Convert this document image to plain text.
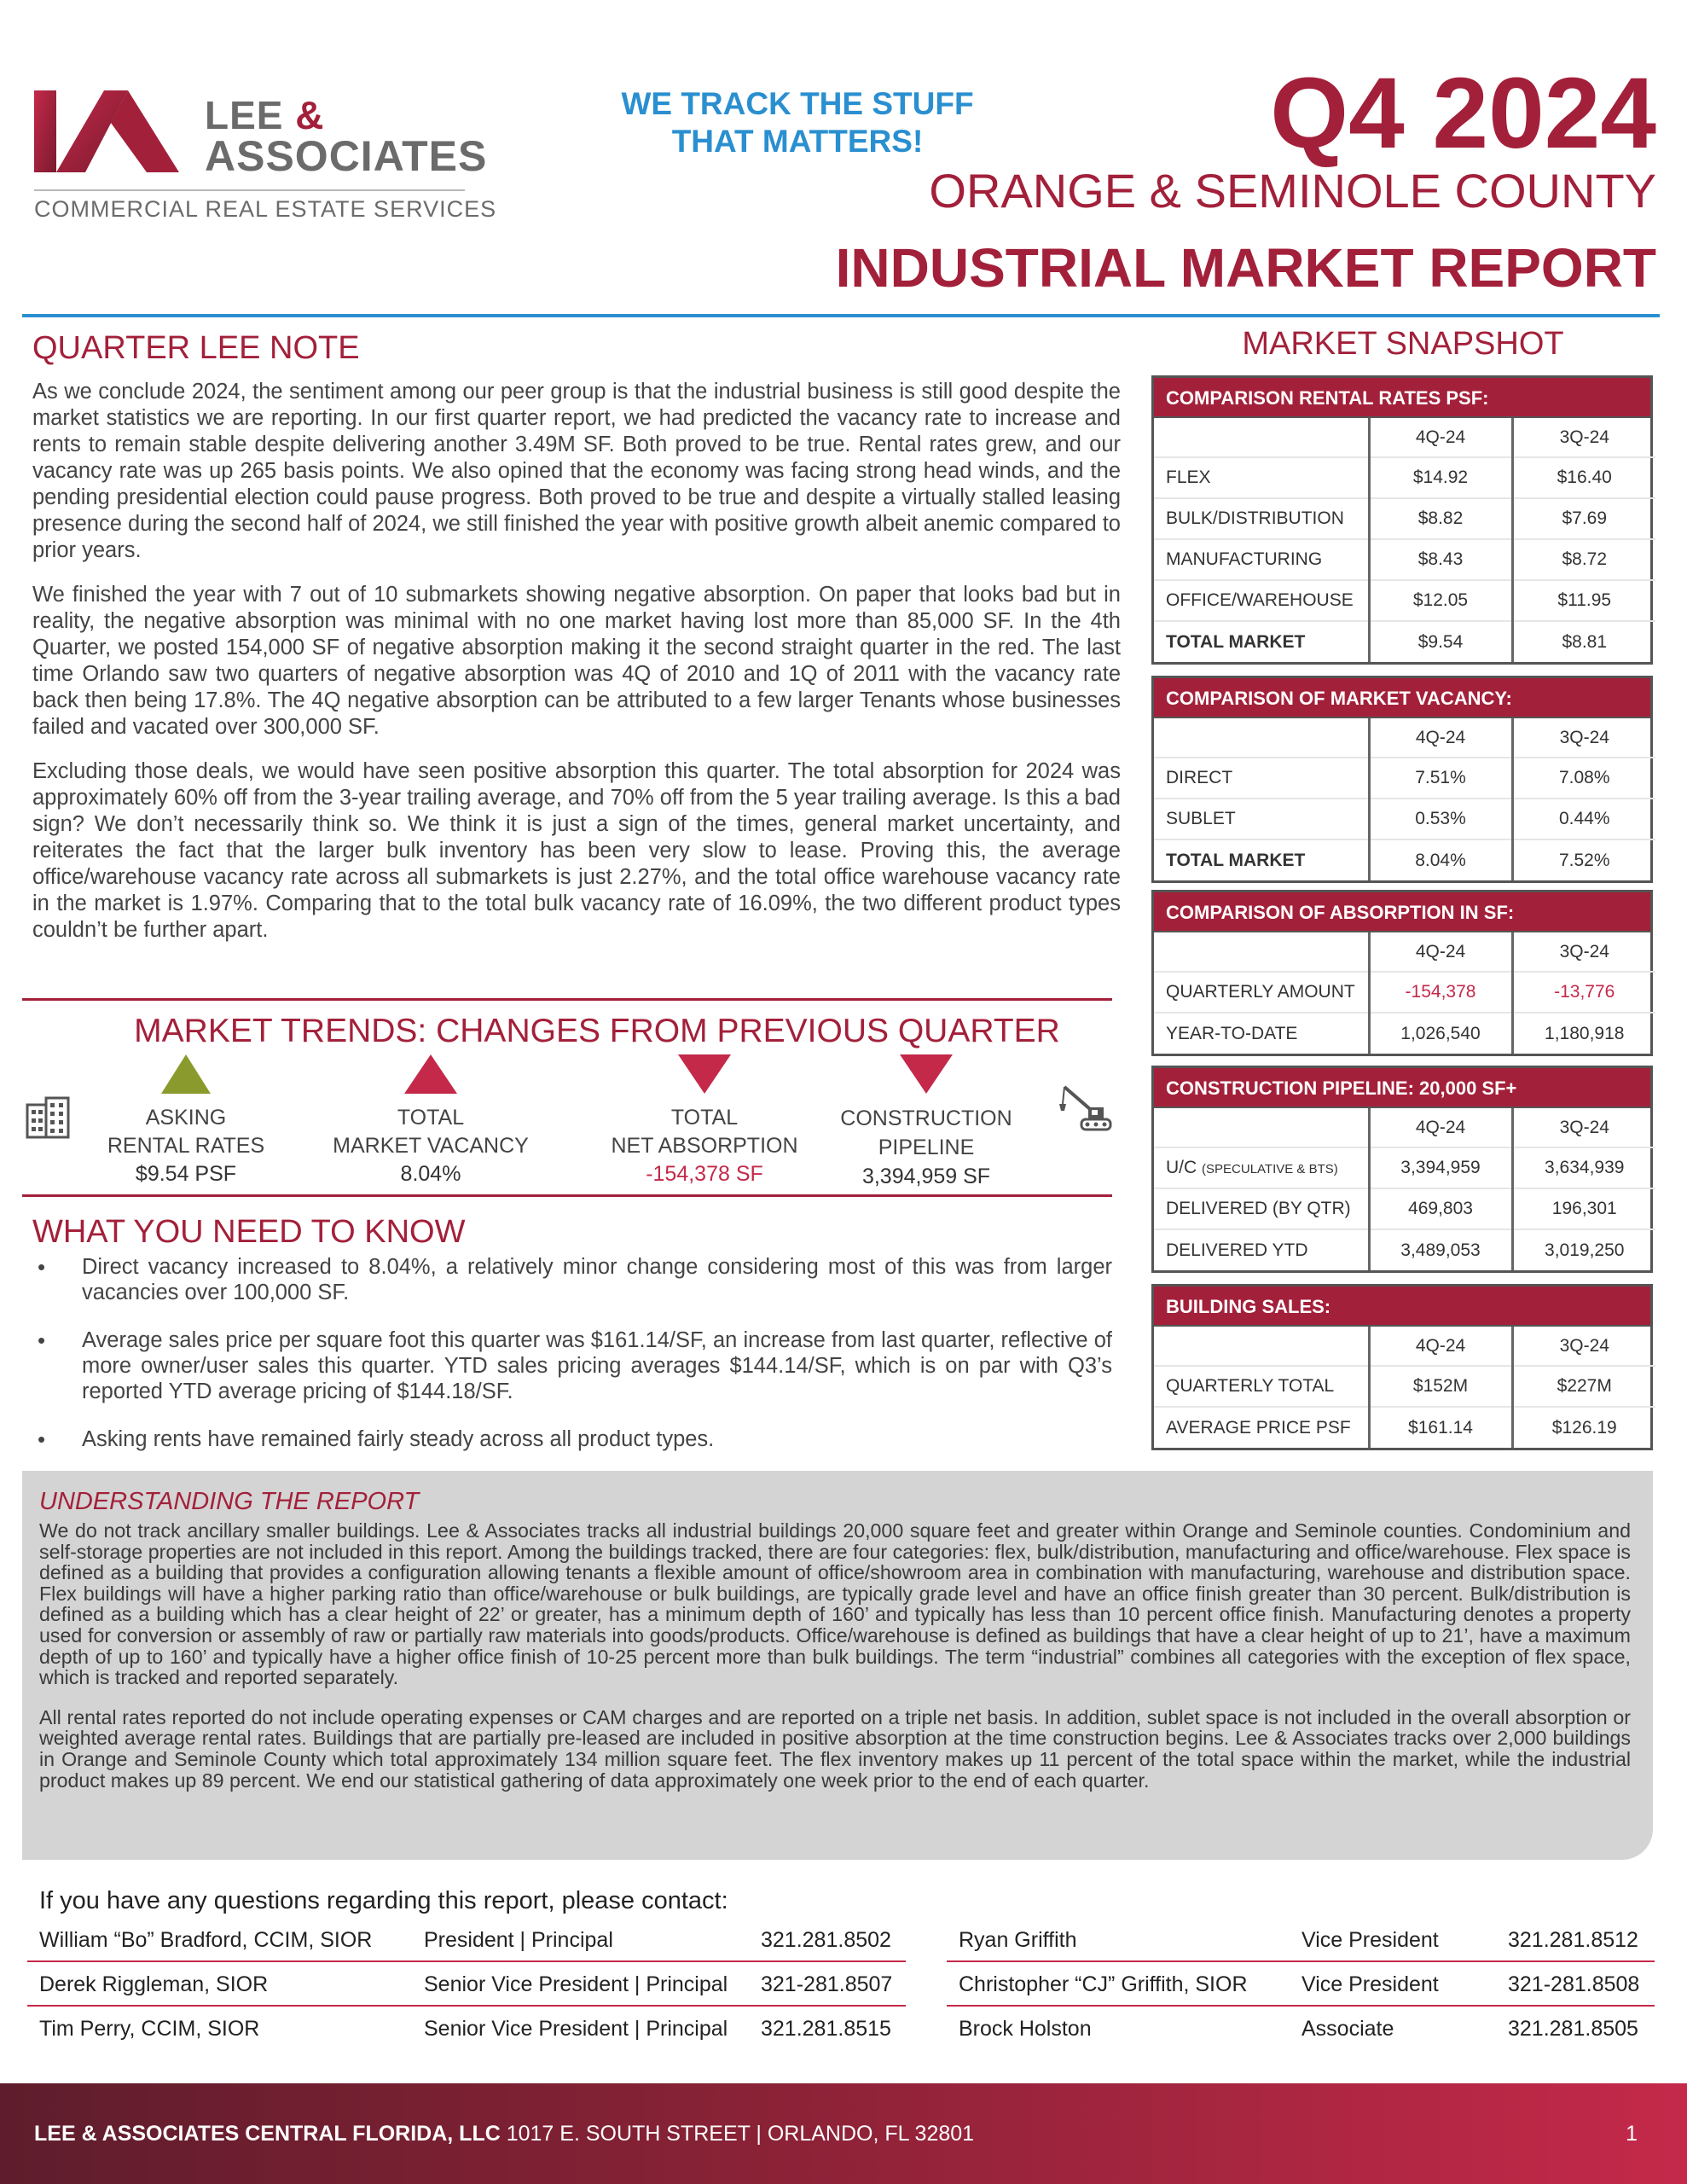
LEE &
ASSOCIATES
COMMERCIAL REAL ESTATE SERVICES
WE TRACK THE STUFF
THAT MATTERS!	Q4 2024
ORANGE & SEMINOLE COUNTY
INDUSTRIAL MARKET REPORT
QUARTER LEE NOTE

As we conclude 2024, the sentiment among our peer group is that the industrial business is still good despite the market statistics we are reporting. In our first quarter report, we had predicted the vacancy rate to increase and rents to remain stable despite delivering another 3.49M SF. Both proved to be true. Rental rates grew, and our vacancy rate was up 265 basis points. We also opined that the economy was facing strong head winds, and the pending presidential election could pause progress. Both proved to be true and despite a virtually stalled leasing presence during the second half of 2024, we still finished the year with positive growth albeit anemic compared to prior years.

We finished the year with 7 out of 10 submarkets showing negative absorption. On paper that looks bad but in reality, the negative absorption was minimal with no one market having lost more than 85,000 SF. In the 4th Quarter, we posted 154,000 SF of negative absorption making it the second straight quarter in the red. The last time Orlando saw two quarters of negative absorption was 4Q of 2010 and 1Q of 2011 with the vacancy rate back then being 17.8%. The 4Q negative absorption can be attributed to a few larger Tenants whose businesses failed and vacated over 300,000 SF.

Excluding those deals, we would have seen positive absorption this quarter. The total absorption for 2024 was approximately 60% off from the 3-year trailing average, and 70% off from the 5 year trailing average. Is this a bad sign? We don’t necessarily think so. We think it is just a sign of the times, general market uncertainty, and reiterates the fact that the larger bulk inventory has been very slow to lease. Proving this, the average office/warehouse vacancy rate across all submarkets is just 2.27%, and the total office warehouse vacancy rate in the market is 1.97%. Comparing that to the total bulk vacancy rate of 16.09%, the two different product types couldn’t be further apart.

MARKET TRENDS: CHANGES FROM PREVIOUS QUARTER
ASKING
RENTAL RATES
$9.54 PSF
TOTAL
MARKET VACANCY
8.04%
TOTAL
NET ABSORPTION
-154,378 SF
CONSTRUCTION
PIPELINE
3,394,959 SF
WHAT YOU NEED TO KNOW
• Direct vacancy increased to 8.04%, a relatively minor change considering most of this was from larger vacancies over 100,000 SF.
• Average sales price per square foot this quarter was $161.14/SF, an increase from last quarter, reflective of more owner/user sales this quarter. YTD sales pricing averages $144.14/SF, which is on par with Q3’s reported YTD average pricing of $144.18/SF.
• Asking rents have remained fairly steady across all product types.
MARKET SNAPSHOT
COMPARISON RENTAL RATES PSF:
	4Q-24	3Q-24
FLEX	$14.92	$16.40
BULK/DISTRIBUTION	$8.82	$7.69
MANUFACTURING	$8.43	$8.72
OFFICE/WAREHOUSE	$12.05	$11.95
TOTAL MARKET	$9.54	$8.81
COMPARISON OF MARKET VACANCY:
	4Q-24	3Q-24
DIRECT	7.51%	7.08%
SUBLET	0.53%	0.44%
TOTAL MARKET	8.04%	7.52%
COMPARISON OF ABSORPTION IN SF:
	4Q-24	3Q-24
QUARTERLY AMOUNT	-154,378	-13,776
YEAR-TO-DATE	1,026,540	1,180,918
CONSTRUCTION PIPELINE: 20,000 SF+
	4Q-24	3Q-24
U/C (SPECULATIVE & BTS)	3,394,959	3,634,939
DELIVERED (BY QTR)	469,803	196,301
DELIVERED YTD	3,489,053	3,019,250
BUILDING SALES:
	4Q-24	3Q-24
QUARTERLY TOTAL	$152M	$227M
AVERAGE PRICE PSF	$161.14	$126.19
UNDERSTANDING THE REPORT

We do not track ancillary smaller buildings. Lee & Associates tracks all industrial buildings 20,000 square feet and greater within Orange and Seminole counties. Condominium and self-storage properties are not included in this report. Among the buildings tracked, there are four categories: flex, bulk/distribution, manufacturing and office/warehouse. Flex space is defined as a building that provides a configuration allowing tenants a flexible amount of office/showroom area in combination with manufacturing, warehouse and distribution space. Flex buildings will have a higher parking ratio than office/warehouse or bulk buildings, are typically grade level and have an office finish greater than 30 percent. Bulk/distribution is defined as a building which has a clear height of 22’ or greater, has a minimum depth of 160’ and typically has less than 10 percent office finish. Manufacturing denotes a property used for conversion or assembly of raw or partially raw materials into goods/products. Office/warehouse is defined as buildings that have a clear height of up to 21’, have a maximum depth of up to 160’ and typically have a higher office finish of 10-25 percent more than bulk buildings. The term “industrial” combines all categories with the exception of flex space, which is tracked and reported separately.

All rental rates reported do not include operating expenses or CAM charges and are reported on a triple net basis. In addition, sublet space is not included in the overall absorption or weighted average rental rates. Buildings that are partially pre-leased are included in positive absorption at the time construction begins. Lee & Associates tracks over 2,000 buildings in Orange and Seminole County which total approximately 134 million square feet. The flex inventory makes up 11 percent of the total space within the market, while the industrial product makes up 89 percent. We end our statistical gathering of data approximately one week prior to the end of each quarter.

If you have any questions regarding this report, please contact:
William “Bo” Bradford, CCIM, SIOR President | Principal	321.281.8502
Derek Riggleman, SIOR	Senior Vice President | Principal 321-281.8507
Tim Perry, CCIM, SIOR	Senior Vice President | Principal 321.281.8515
Ryan Griffith	Vice President	321.281.8512
Christopher “CJ” Griffith, SIOR	Vice President	321-281.8508
Brock Holston	Associate	321.281.8505
LEE & ASSOCIATES CENTRAL FLORIDA, LLC 1017 E. SOUTH STREET | ORLANDO, FL 32801	1
